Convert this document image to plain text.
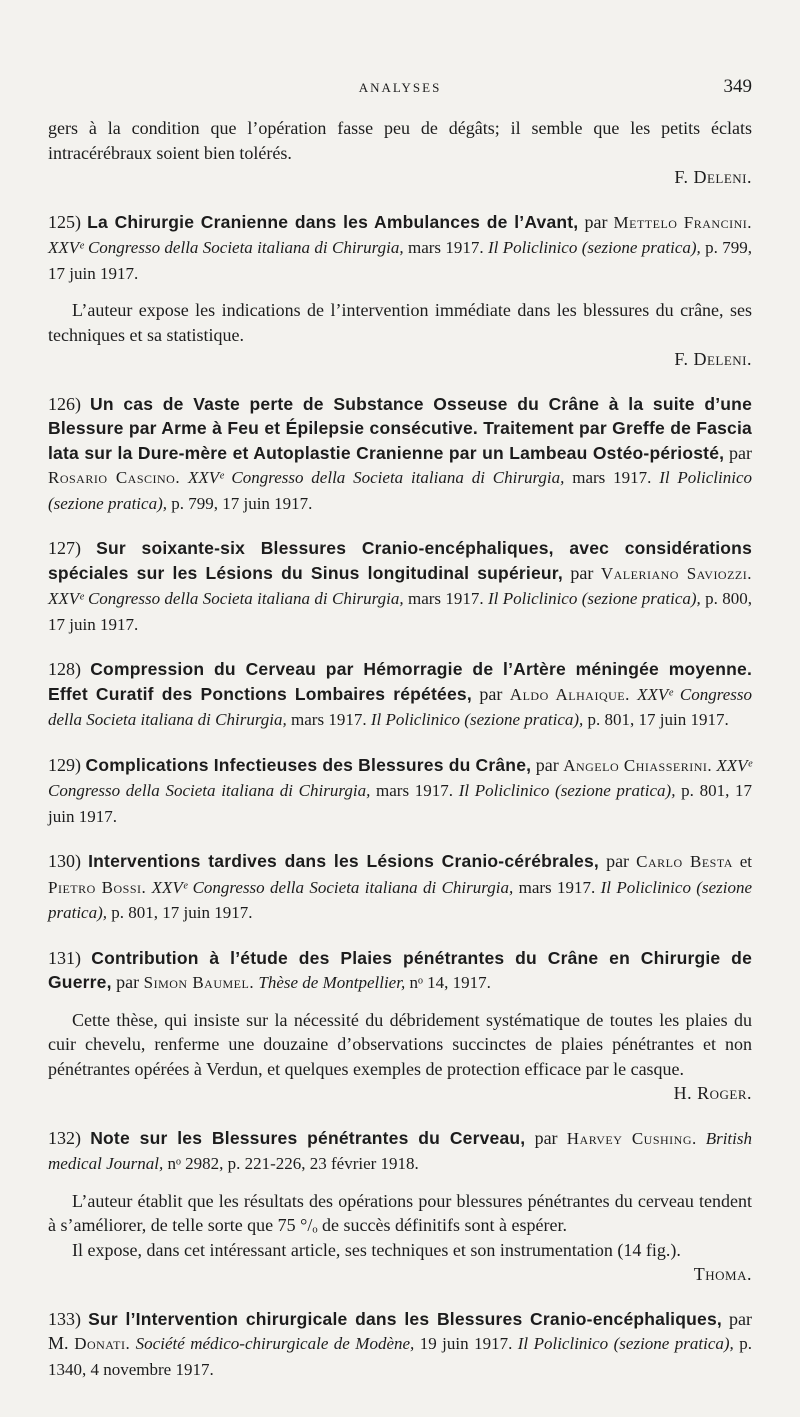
ANALYSES	349

gers à la condition que l’opération fasse peu de dégâts; il semble que les petits éclats intracérébraux soient bien tolérés.

F. Deleni.

125) La Chirurgie Cranienne dans les Ambulances de l’Avant, par Mettelo Francini. XXVᵉ Congresso della Societa italiana di Chirurgia, mars 1917. Il Policlinico (sezione pratica), p. 799, 17 juin 1917.

L’auteur expose les indications de l’intervention immédiate dans les blessures du crâne, ses techniques et sa statistique.

F. Deleni.

126) Un cas de Vaste perte de Substance Osseuse du Crâne à la suite d’une Blessure par Arme à Feu et Épilepsie consécutive. Traitement par Greffe de Fascia lata sur la Dure-mère et Autoplastie Cranienne par un Lambeau Ostéo-périosté, par Rosario Cascino. XXVᵉ Congresso della Societa italiana di Chirurgia, mars 1917. Il Policlinico (sezione pratica), p. 799, 17 juin 1917.

127) Sur soixante-six Blessures Cranio-encéphaliques, avec considérations spéciales sur les Lésions du Sinus longitudinal supérieur, par Valeriano Saviozzi. XXVᵉ Congresso della Societa italiana di Chirurgia, mars 1917. Il Policlinico (sezione pratica), p. 800, 17 juin 1917.

128) Compression du Cerveau par Hémorragie de l’Artère méningée moyenne. Effet Curatif des Ponctions Lombaires répétées, par Aldo Alhaique. XXVᵉ Congresso della Societa italiana di Chirurgia, mars 1917. Il Policlinico (sezione pratica), p. 801, 17 juin 1917.

129) Complications Infectieuses des Blessures du Crâne, par Angelo Chiasserini. XXVᵉ Congresso della Societa italiana di Chirurgia, mars 1917. Il Policlinico (sezione pratica), p. 801, 17 juin 1917.

130) Interventions tardives dans les Lésions Cranio-cérébrales, par Carlo Besta et Pietro Bossi. XXVᵉ Congresso della Societa italiana di Chirurgia, mars 1917. Il Policlinico (sezione pratica), p. 801, 17 juin 1917.

131) Contribution à l’étude des Plaies pénétrantes du Crâne en Chirurgie de Guerre, par Simon Baumel. Thèse de Montpellier, nᵒ 14, 1917.

Cette thèse, qui insiste sur la nécessité du débridement systématique de toutes les plaies du cuir chevelu, renferme une douzaine d’observations succinctes de plaies pénétrantes et non pénétrantes opérées à Verdun, et quelques exemples de protection efficace par le casque.

H. Roger.

132) Note sur les Blessures pénétrantes du Cerveau, par Harvey Cushing. British medical Journal, nᵒ 2982, p. 221-226, 23 février 1918.

L’auteur établit que les résultats des opérations pour blessures pénétrantes du cerveau tendent à s’améliorer, de telle sorte que 75 °/ₒ de succès définitifs sont à espérer.

Il expose, dans cet intéressant article, ses techniques et son instrumentation (14 fig.).

Thoma.

133) Sur l’Intervention chirurgicale dans les Blessures Cranio-encéphaliques, par M. Donati. Société médico-chirurgicale de Modène, 19 juin 1917. Il Policlinico (sezione pratica), p. 1340, 4 novembre 1917.
